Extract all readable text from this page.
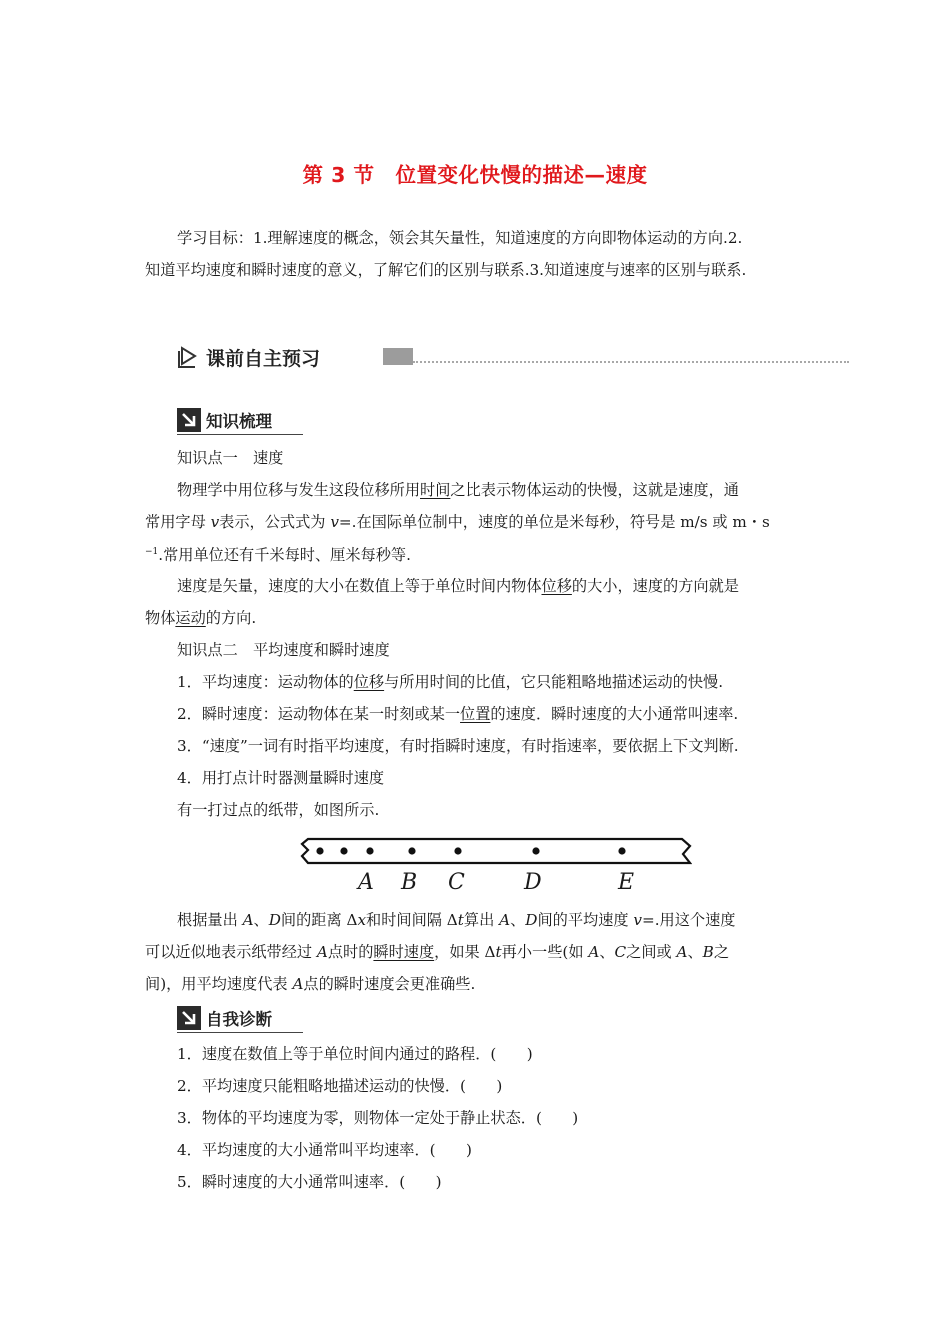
第 3 节　位置变化快慢的描述—速度
学习目标：1.理解速度的概念，领会其矢量性，知道速度的方向即物体运动的方向.2.
知道平均速度和瞬时速度的意义，了解它们的区别与联系.3.知道速度与速率的区别与联系.
课前自主预习
知识梳理
知识点一　速度
物理学中用位移与发生这段位移所用时间之比表示物体运动的快慢，这就是速度，通
常用字母 v表示，公式式为 v=.在国际单位制中，速度的单位是米每秒，符号是 m/s 或 m・s
$^{-1}$.常用单位还有千米每时、厘米每秒等.
速度是矢量，速度的大小在数值上等于单位时间内物体位移的大小，速度的方向就是
物体运动的方向.
知识点二　平均速度和瞬时速度
1．平均速度：运动物体的位移与所用时间的比值，它只能粗略地描述运动的快慢.
2．瞬时速度：运动物体在某一时刻或某一位置的速度．瞬时速度的大小通常叫速率.
3．“速度”一词有时指平均速度，有时指瞬时速度，有时指速率，要依据上下文判断.
4．用打点计时器测量瞬时速度
有一打过点的纸带，如图所示.
A B C	D	E
根据量出 A、D间的距离 Δx和时间间隔 Δt算出 A、D间的平均速度 v=.用这个速度
可以近似地表示纸带经过 A点时的瞬时速度，如果 Δt再小一些(如 A、C之间或 A、B之
间)，用平均速度代表 A点的瞬时速度会更准确些.
自我诊断
1．速度在数值上等于单位时间内通过的路程．(　　)
2．平均速度只能粗略地描述运动的快慢．(　　)
3．物体的平均速度为零，则物体一定处于静止状态．(　　)
4．平均速度的大小通常叫平均速率．(　　)
5．瞬时速度的大小通常叫速率．(　　)
